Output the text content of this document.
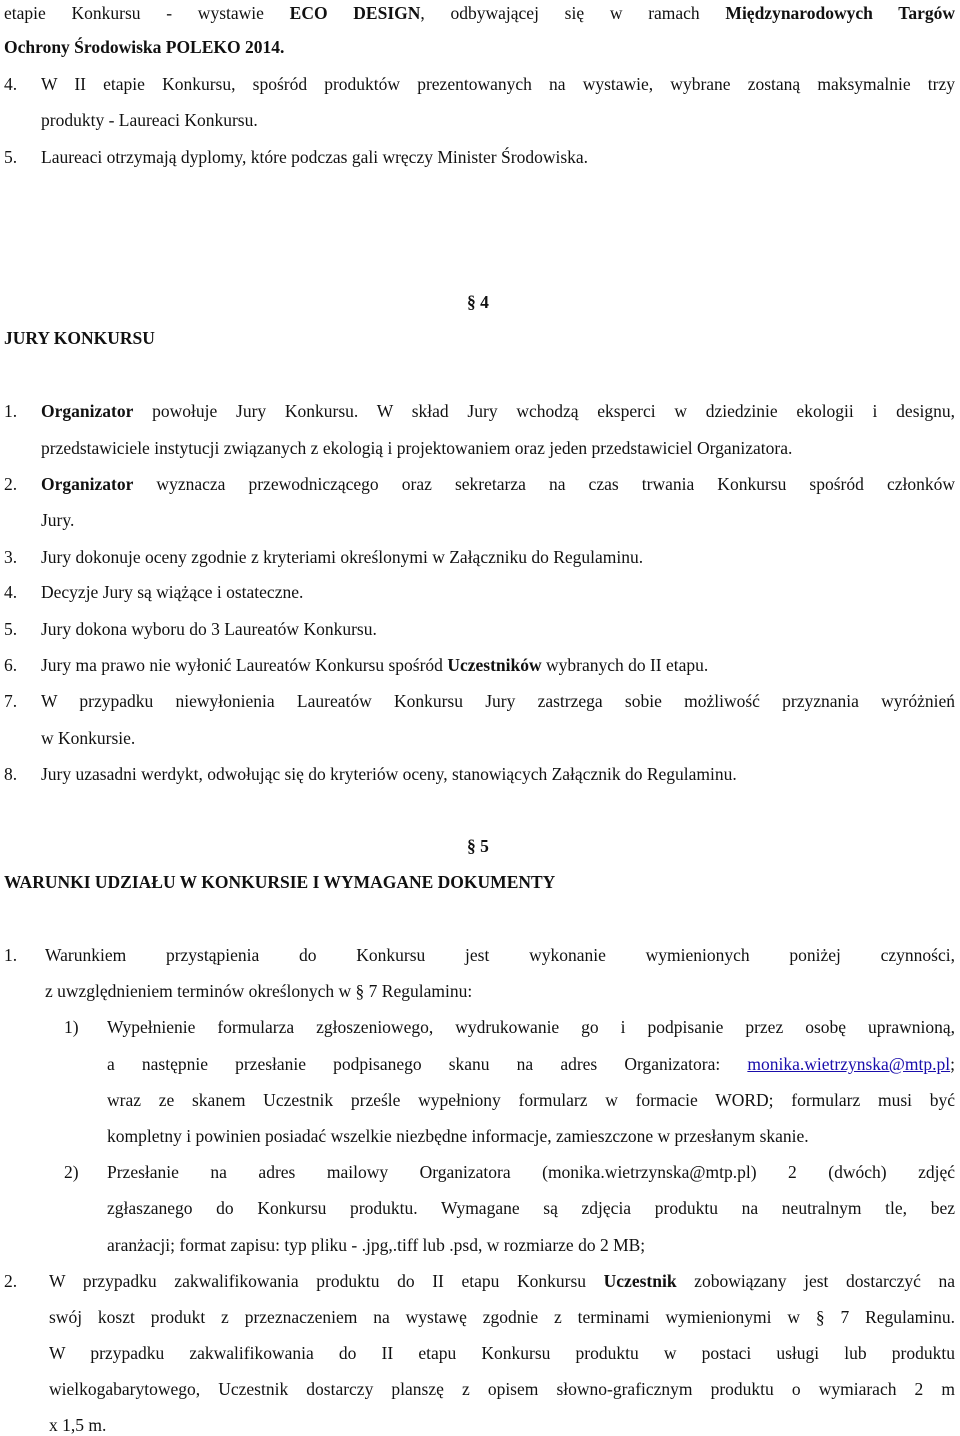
etapie Konkursu - wystawie ECO DESIGN, odbywającej się w ramach Międzynarodowych Targów
Ochrony Środowiska POLEKO 2014.
4. W II etapie Konkursu, spośród produktów prezentowanych na wystawie, wybrane zostaną maksymalnie trzy
produkty - Laureaci Konkursu.
5. Laureaci otrzymają dyplomy, które podczas gali wręczy Minister Środowiska.
§ 4
JURY KONKURSU
1. Organizator powołuje Jury Konkursu. W skład Jury wchodzą eksperci w dziedzinie ekologii i designu,
przedstawiciele instytucji związanych z ekologią i projektowaniem oraz jeden przedstawiciel Organizatora.
2. Organizator wyznacza przewodniczącego oraz sekretarza na czas trwania Konkursu spośród członków
Jury.
3. Jury dokonuje oceny zgodnie z kryteriami określonymi w Załączniku do Regulaminu.
4. Decyzje Jury są wiążące i ostateczne.
5. Jury dokona wyboru do 3 Laureatów Konkursu.
6. Jury ma prawo nie wyłonić Laureatów Konkursu spośród Uczestników wybranych do II etapu.
7. W przypadku niewyłonienia Laureatów Konkursu Jury zastrzega sobie możliwość przyznania wyróżnień
w Konkursie.
8. Jury uzasadni werdykt, odwołując się do kryteriów oceny, stanowiących Załącznik do Regulaminu.
§ 5
WARUNKI UDZIAŁU W KONKURSIE I WYMAGANE DOKUMENTY
1. Warunkiem przystąpienia do Konkursu jest wykonanie wymienionych poniżej czynności,
z uwzględnieniem terminów określonych w § 7 Regulaminu:
1) Wypełnienie formularza zgłoszeniowego, wydrukowanie go i podpisanie przez osobę uprawnioną,
a następnie przesłanie podpisanego skanu na adres Organizatora: monika.wietrzynska@mtp.pl;
wraz ze skanem Uczestnik prześle wypełniony formularz w formacie WORD; formularz musi być
kompletny i powinien posiadać wszelkie niezbędne informacje, zamieszczone w przesłanym skanie.
2) Przesłanie na adres mailowy Organizatora (monika.wietrzynska@mtp.pl) 2 (dwóch) zdjęć
zgłaszanego do Konkursu produktu. Wymagane są zdjęcia produktu na neutralnym tle, bez
aranżacji; format zapisu: typ pliku - .jpg,.tiff lub .psd, w rozmiarze do 2 MB;
2. W przypadku zakwalifikowania produktu do II etapu Konkursu Uczestnik zobowiązany jest dostarczyć na
swój koszt produkt z przeznaczeniem na wystawę zgodnie z terminami wymienionymi w § 7 Regulaminu.
W przypadku zakwalifikowania do II etapu Konkursu produktu w postaci usługi lub produktu
wielkogabarytowego, Uczestnik dostarczy planszę z opisem słowno-graficznym produktu o wymiarach 2 m
x 1,5 m.
